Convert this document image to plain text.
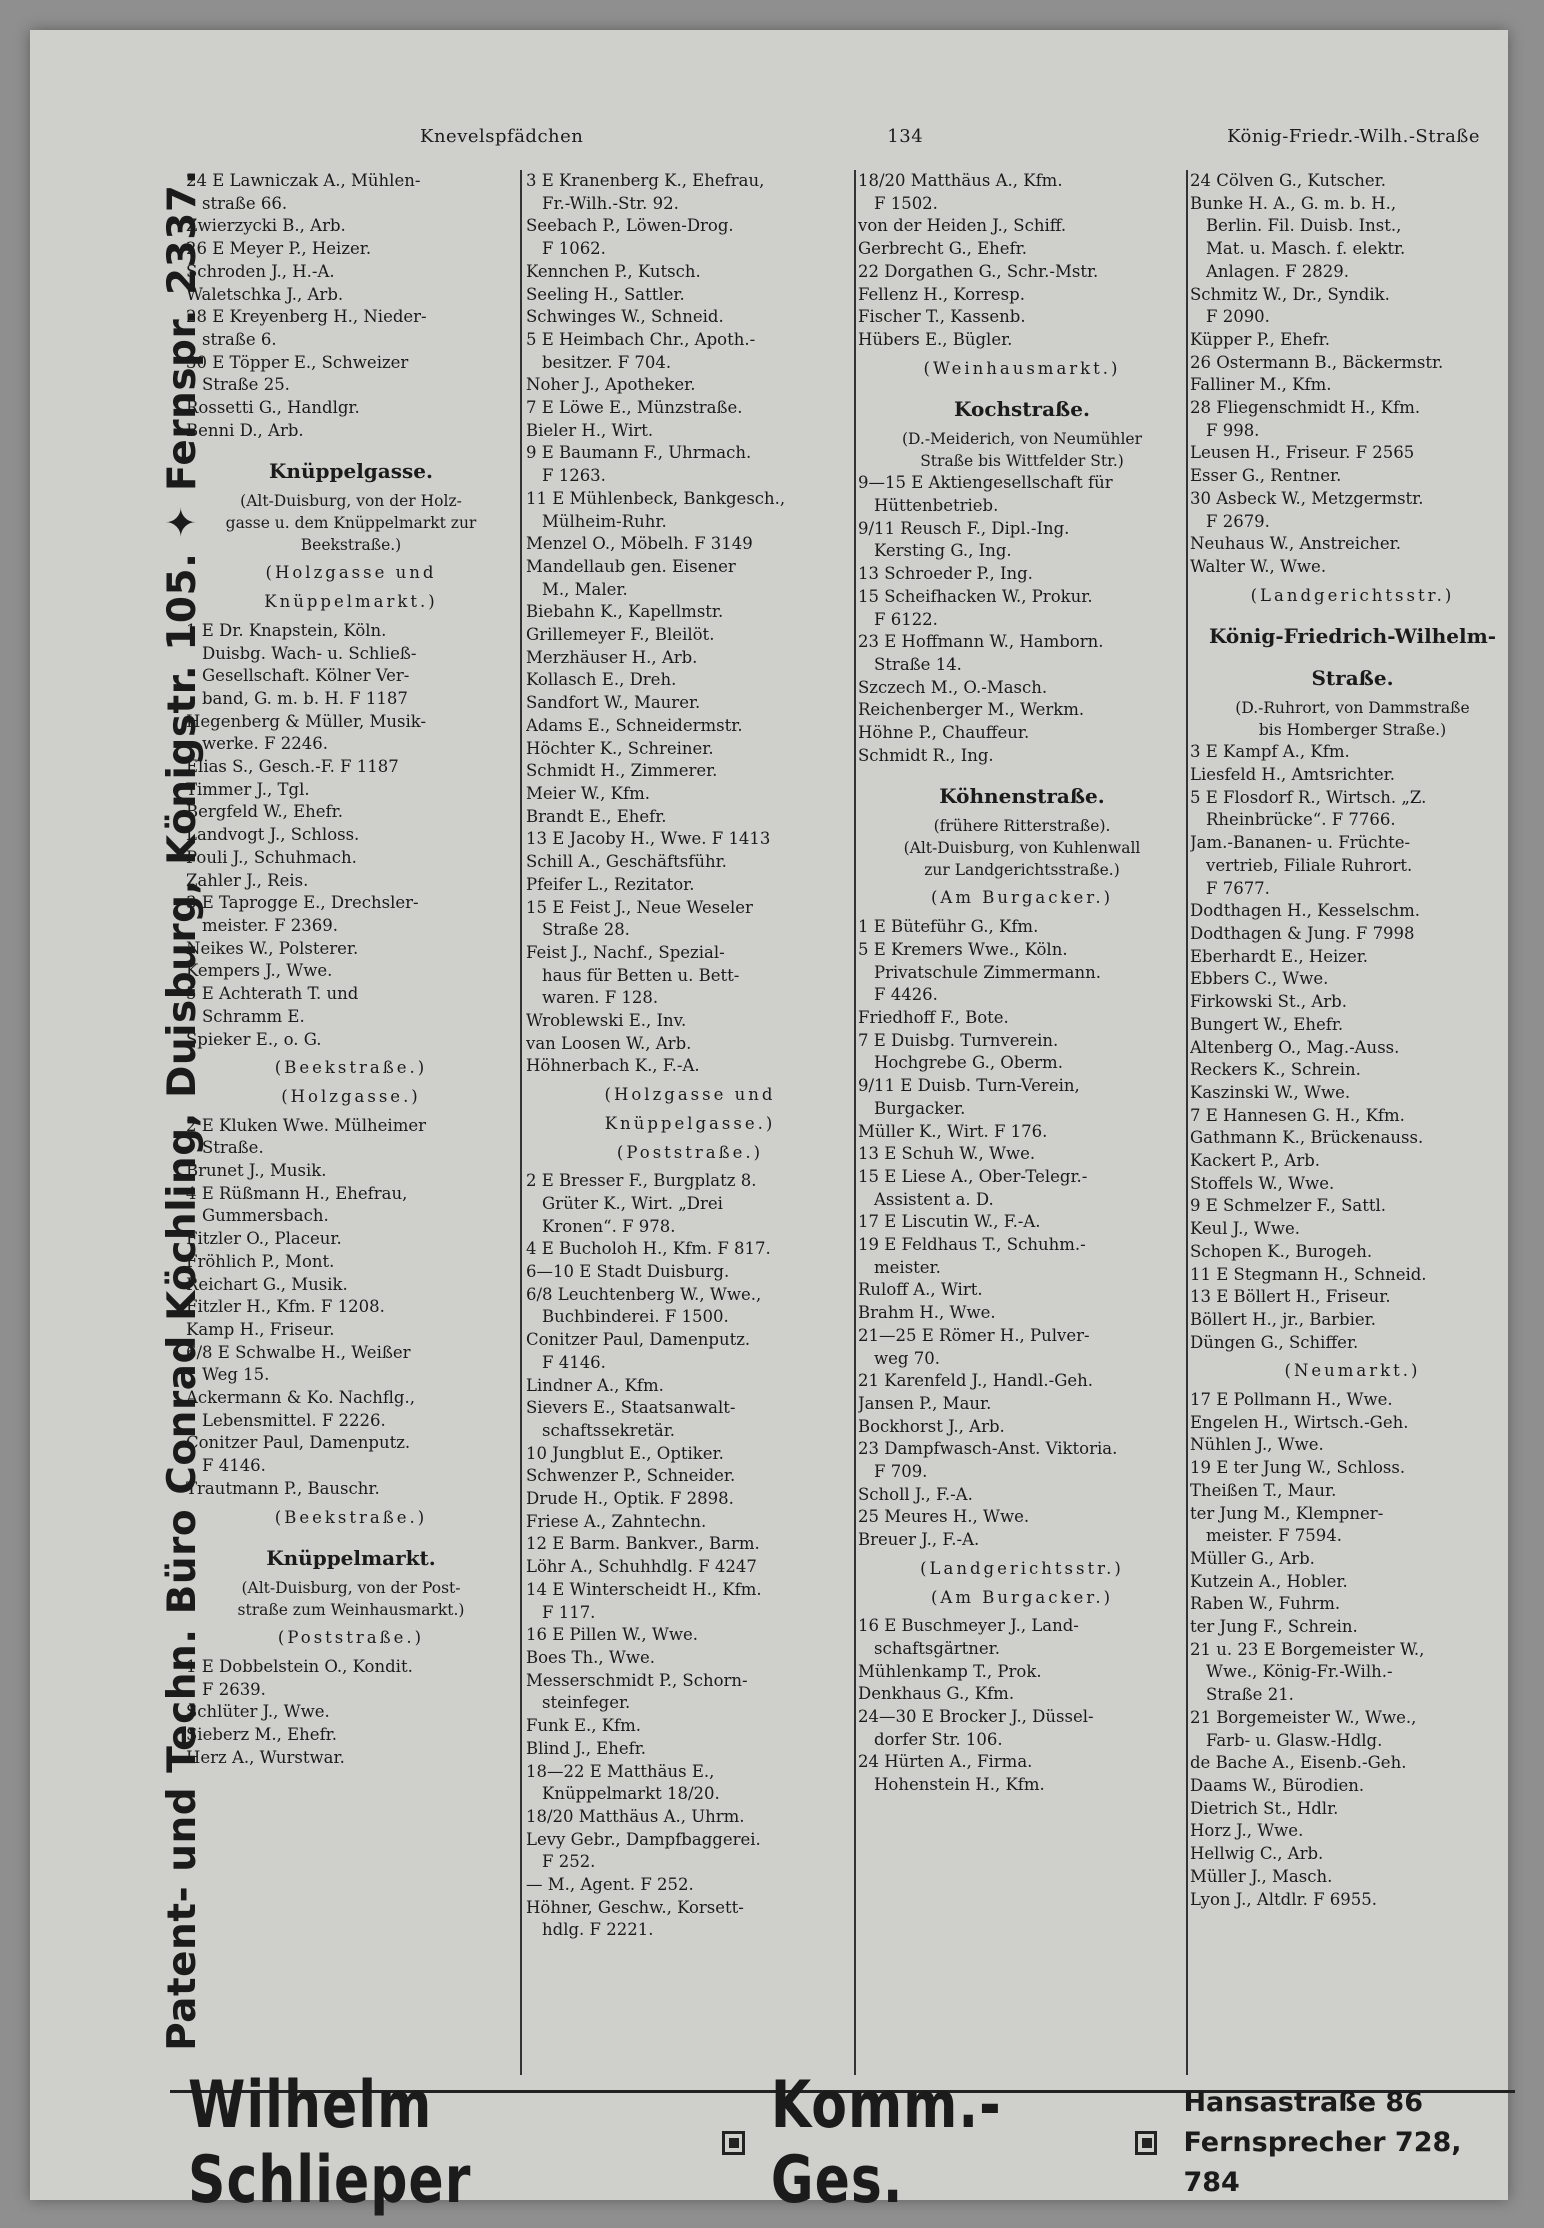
Knevelspfädchen	134	König-Friedr.-Wilh.-Straße
Patent- und Techn. Büro Conrad Köchling, Duisburg, Königstr. 105. ✦ Fernspr. 2337.
24 E Lawniczak A., Mühlen-
straße 66.
Zwierzycki B., Arb.
26 E Meyer P., Heizer.
Schroden J., H.-A.
Waletschka J., Arb.
28 E Kreyenberg H., Nieder-
straße 6.
30 E Töpper E., Schweizer
Straße 25.
Rossetti G., Handlgr.
Benni D., Arb.
Knüppelgasse.
(Alt-Duisburg, von der Holz-
gasse u. dem Knüppelmarkt zur
Beekstraße.)
(Holzgasse und
Knüppelmarkt.)
1 E Dr. Knapstein, Köln.
Duisbg. Wach- u. Schließ-
Gesellschaft. Kölner Ver-
band, G. m. b. H. F 1187
Hegenberg & Müller, Musik-
werke. F 2246.
Elias S., Gesch.-F. F 1187
Timmer J., Tgl.
Bergfeld W., Ehefr.
Landvogt J., Schloss.
Pouli J., Schuhmach.
Zahler J., Reis.
3 E Taprogge E., Drechsler-
meister. F 2369.
Neikes W., Polsterer.
Kempers J., Wwe.
5 E Achterath T. und
Schramm E.
Spieker E., o. G.
(Beekstraße.)
(Holzgasse.)
2 E Kluken Wwe. Mülheimer
Straße.
Brunet J., Musik.
4 E Rüßmann H., Ehefrau,
Gummersbach.
Fitzler O., Placeur.
Fröhlich P., Mont.
Reichart G., Musik.
Fitzler H., Kfm. F 1208.
Kamp H., Friseur.
6/8 E Schwalbe H., Weißer
Weg 15.
Ackermann & Ko. Nachflg.,
Lebensmittel. F 2226.
Conitzer Paul, Damenputz.
F 4146.
Trautmann P., Bauschr.
(Beekstraße.)
Knüppelmarkt.
(Alt-Duisburg, von der Post-
straße zum Weinhausmarkt.)
(Poststraße.)
1 E Dobbelstein O., Kondit.
F 2639.
Schlüter J., Wwe.
Sieberz M., Ehefr.
Herz A., Wurstwar.
3 E Kranenberg K., Ehefrau,
Fr.-Wilh.-Str. 92.
Seebach P., Löwen-Drog.
F 1062.
Kennchen P., Kutsch.
Seeling H., Sattler.
Schwinges W., Schneid.
5 E Heimbach Chr., Apoth.-
besitzer. F 704.
Noher J., Apotheker.
7 E Löwe E., Münzstraße.
Bieler H., Wirt.
9 E Baumann F., Uhrmach.
F 1263.
11 E Mühlenbeck, Bankgesch.,
Mülheim-Ruhr.
Menzel O., Möbelh. F 3149
Mandellaub gen. Eisener
M., Maler.
Biebahn K., Kapellmstr.
Grillemeyer F., Bleilöt.
Merzhäuser H., Arb.
Kollasch E., Dreh.
Sandfort W., Maurer.
Adams E., Schneidermstr.
Höchter K., Schreiner.
Schmidt H., Zimmerer.
Meier W., Kfm.
Brandt E., Ehefr.
13 E Jacoby H., Wwe. F 1413
Schill A., Geschäftsführ.
Pfeifer L., Rezitator.
15 E Feist J., Neue Weseler
Straße 28.
Feist J., Nachf., Spezial-
haus für Betten u. Bett-
waren. F 128.
Wroblewski E., Inv.
van Loosen W., Arb.
Höhnerbach K., F.-A.
(Holzgasse und
Knüppelgasse.)
(Poststraße.)
2 E Bresser F., Burgplatz 8.
Grüter K., Wirt. „Drei
Kronen“. F 978.
4 E Bucholoh H., Kfm. F 817.
6—10 E Stadt Duisburg.
6/8 Leuchtenberg W., Wwe.,
Buchbinderei. F 1500.
Conitzer Paul, Damenputz.
F 4146.
Lindner A., Kfm.
Sievers E., Staatsanwalt-
schaftssekretär.
10 Jungblut E., Optiker.
Schwenzer P., Schneider.
Drude H., Optik. F 2898.
Friese A., Zahntechn.
12 E Barm. Bankver., Barm.
Löhr A., Schuhhdlg. F 4247
14 E Winterscheidt H., Kfm.
F 117.
16 E Pillen W., Wwe.
Boes Th., Wwe.
Messerschmidt P., Schorn-
steinfeger.
Funk E., Kfm.
Blind J., Ehefr.
18—22 E Matthäus E.,
Knüppelmarkt 18/20.
18/20 Matthäus A., Uhrm.
Levy Gebr., Dampfbaggerei.
F 252.
— M., Agent. F 252.
Höhner, Geschw., Korsett-
hdlg. F 2221.
18/20 Matthäus A., Kfm.
F 1502.
von der Heiden J., Schiff.
Gerbrecht G., Ehefr.
22 Dorgathen G., Schr.-Mstr.
Fellenz H., Korresp.
Fischer T., Kassenb.
Hübers E., Bügler.
(Weinhausmarkt.)
Kochstraße.
(D.-Meiderich, von Neumühler
Straße bis Wittfelder Str.)
9—15 E Aktiengesellschaft für
Hüttenbetrieb.
9/11 Reusch F., Dipl.-Ing.
Kersting G., Ing.
13 Schroeder P., Ing.
15 Scheifhacken W., Prokur.
F 6122.
23 E Hoffmann W., Hamborn.
Straße 14.
Szczech M., O.-Masch.
Reichenberger M., Werkm.
Höhne P., Chauffeur.
Schmidt R., Ing.
Köhnenstraße.
(frühere Ritterstraße).
(Alt-Duisburg, von Kuhlenwall
zur Landgerichtsstraße.)
(Am Burgacker.)
1 E Büteführ G., Kfm.
5 E Kremers Wwe., Köln.
Privatschule Zimmermann.
F 4426.
Friedhoff F., Bote.
7 E Duisbg. Turnverein.
Hochgrebe G., Oberm.
9/11 E Duisb. Turn-Verein,
Burgacker.
Müller K., Wirt. F 176.
13 E Schuh W., Wwe.
15 E Liese A., Ober-Telegr.-
Assistent a. D.
17 E Liscutin W., F.-A.
19 E Feldhaus T., Schuhm.-
meister.
Ruloff A., Wirt.
Brahm H., Wwe.
21—25 E Römer H., Pulver-
weg 70.
21 Karenfeld J., Handl.-Geh.
Jansen P., Maur.
Bockhorst J., Arb.
23 Dampfwasch-Anst. Viktoria.
F 709.
Scholl J., F.-A.
25 Meures H., Wwe.
Breuer J., F.-A.
(Landgerichtsstr.)
(Am Burgacker.)
16 E Buschmeyer J., Land-
schaftsgärtner.
Mühlenkamp T., Prok.
Denkhaus G., Kfm.
24—30 E Brocker J., Düssel-
dorfer Str. 106.
24 Hürten A., Firma.
Hohenstein H., Kfm.
24 Cölven G., Kutscher.
Bunke H. A., G. m. b. H.,
Berlin. Fil. Duisb. Inst.,
Mat. u. Masch. f. elektr.
Anlagen. F 2829.
Schmitz W., Dr., Syndik.
F 2090.
Küpper P., Ehefr.
26 Ostermann B., Bäckermstr.
Falliner M., Kfm.
28 Fliegenschmidt H., Kfm.
F 998.
Leusen H., Friseur. F 2565
Esser G., Rentner.
30 Asbeck W., Metzgermstr.
F 2679.
Neuhaus W., Anstreicher.
Walter W., Wwe.
(Landgerichtsstr.)
König-Friedrich-Wilhelm-
Straße.
(D.-Ruhrort, von Dammstraße
bis Homberger Straße.)
3 E Kampf A., Kfm.
Liesfeld H., Amtsrichter.
5 E Flosdorf R., Wirtsch. „Z.
Rheinbrücke“. F 7766.
Jam.-Bananen- u. Früchte-
vertrieb, Filiale Ruhrort.
F 7677.
Dodthagen H., Kesselschm.
Dodthagen & Jung. F 7998
Eberhardt E., Heizer.
Ebbers C., Wwe.
Firkowski St., Arb.
Bungert W., Ehefr.
Altenberg O., Mag.-Auss.
Reckers K., Schrein.
Kaszinski W., Wwe.
7 E Hannesen G. H., Kfm.
Gathmann K., Brückenauss.
Kackert P., Arb.
Stoffels W., Wwe.
9 E Schmelzer F., Sattl.
Keul J., Wwe.
Schopen K., Burogeh.
11 E Stegmann H., Schneid.
13 E Böllert H., Friseur.
Böllert H., jr., Barbier.
Düngen G., Schiffer.
(Neumarkt.)
17 E Pollmann H., Wwe.
Engelen H., Wirtsch.-Geh.
Nühlen J., Wwe.
19 E ter Jung W., Schloss.
Theißen T., Maur.
ter Jung M., Klempner-
meister. F 7594.
Müller G., Arb.
Kutzein A., Hobler.
Raben W., Fuhrm.
ter Jung F., Schrein.
21 u. 23 E Borgemeister W.,
Wwe., König-Fr.-Wilh.-
Straße 21.
21 Borgemeister W., Wwe.,
Farb- u. Glasw.-Hdlg.
de Bache A., Eisenb.-Geh.
Daams W., Bürodien.
Dietrich St., Hdlr.
Horz J., Wwe.
Hellwig C., Arb.
Müller J., Masch.
Lyon J., Altdlr. F 6955.
Wilhelm Schlieper
Komm.-Ges.
Hansastraße 86
Fernsprecher 728, 784
